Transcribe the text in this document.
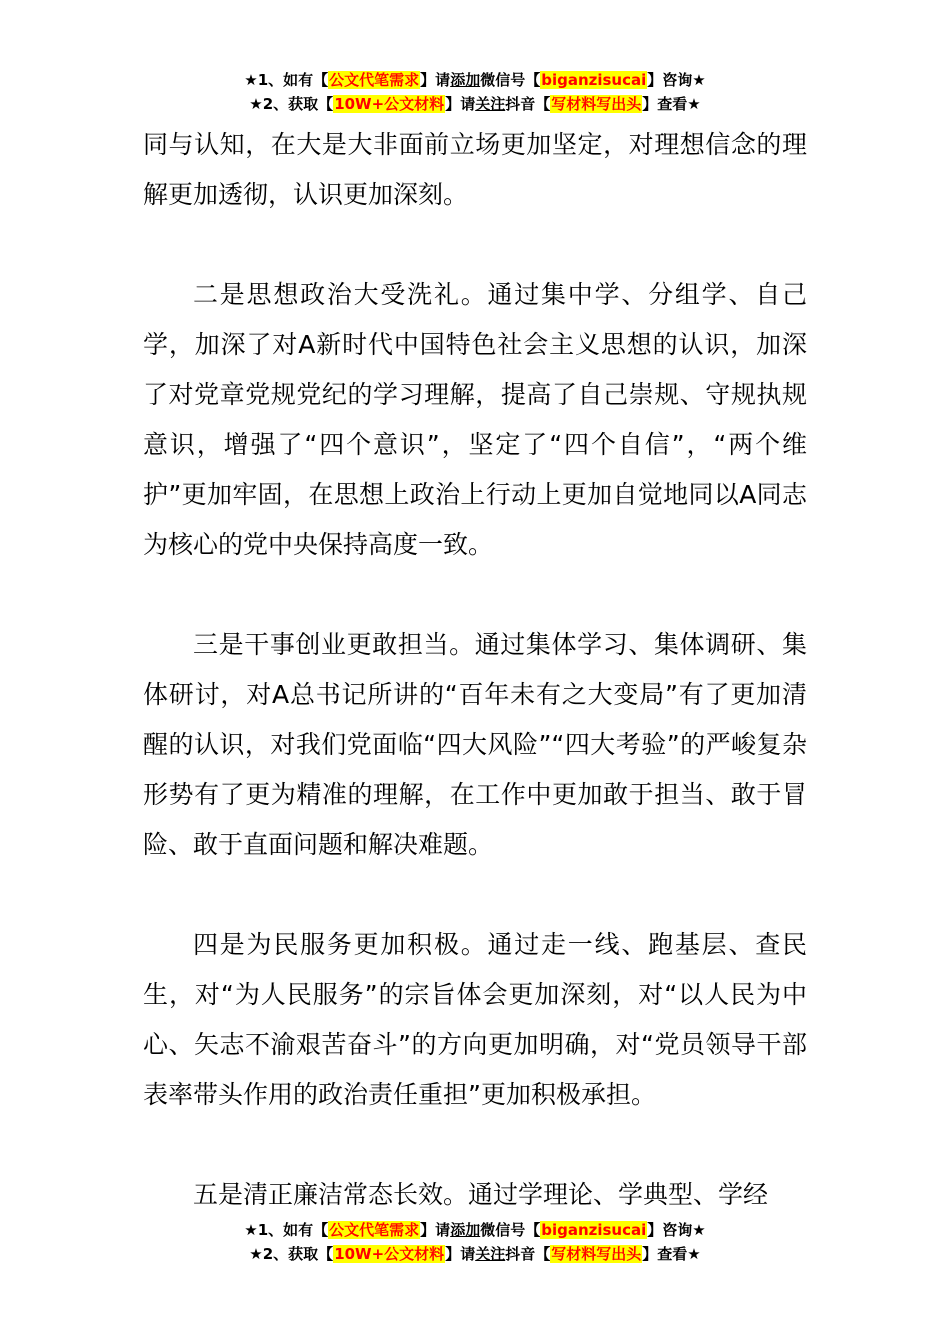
★1、如有【公文代笔需求】请添加微信号【biganzisucai】咨询★
★2、获取【10W+公文材料】请关注抖音【写材料写出头】查看★

同与认知，在大是大非面前立场更加坚定，对理想信念的理解更加透彻，认识更加深刻。

二是思想政治大受洗礼。通过集中学、分组学、自己学，加深了对A新时代中国特色社会主义思想的认识，加深了对党章党规党纪的学习理解，提高了自己崇规、守规执规意识，增强了“四个意识”，坚定了“四个自信”，“两个维护”更加牢固，在思想上政治上行动上更加自觉地同以A同志为核心的党中央保持高度一致。

三是干事创业更敢担当。通过集体学习、集体调研、集体研讨，对A总书记所讲的“百年未有之大变局”有了更加清醒的认识，对我们党面临“四大风险”“四大考验”的严峻复杂形势有了更为精准的理解，在工作中更加敢于担当、敢于冒险、敢于直面问题和解决难题。

四是为民服务更加积极。通过走一线、跑基层、查民生，对“为人民服务”的宗旨体会更加深刻，对“以人民为中心、矢志不渝艰苦奋斗”的方向更加明确，对“党员领导干部表率带头作用的政治责任重担”更加积极承担。

五是清正廉洁常态长效。通过学理论、学典型、学经

★1、如有【公文代笔需求】请添加微信号【biganzisucai】咨询★
★2、获取【10W+公文材料】请关注抖音【写材料写出头】查看★
